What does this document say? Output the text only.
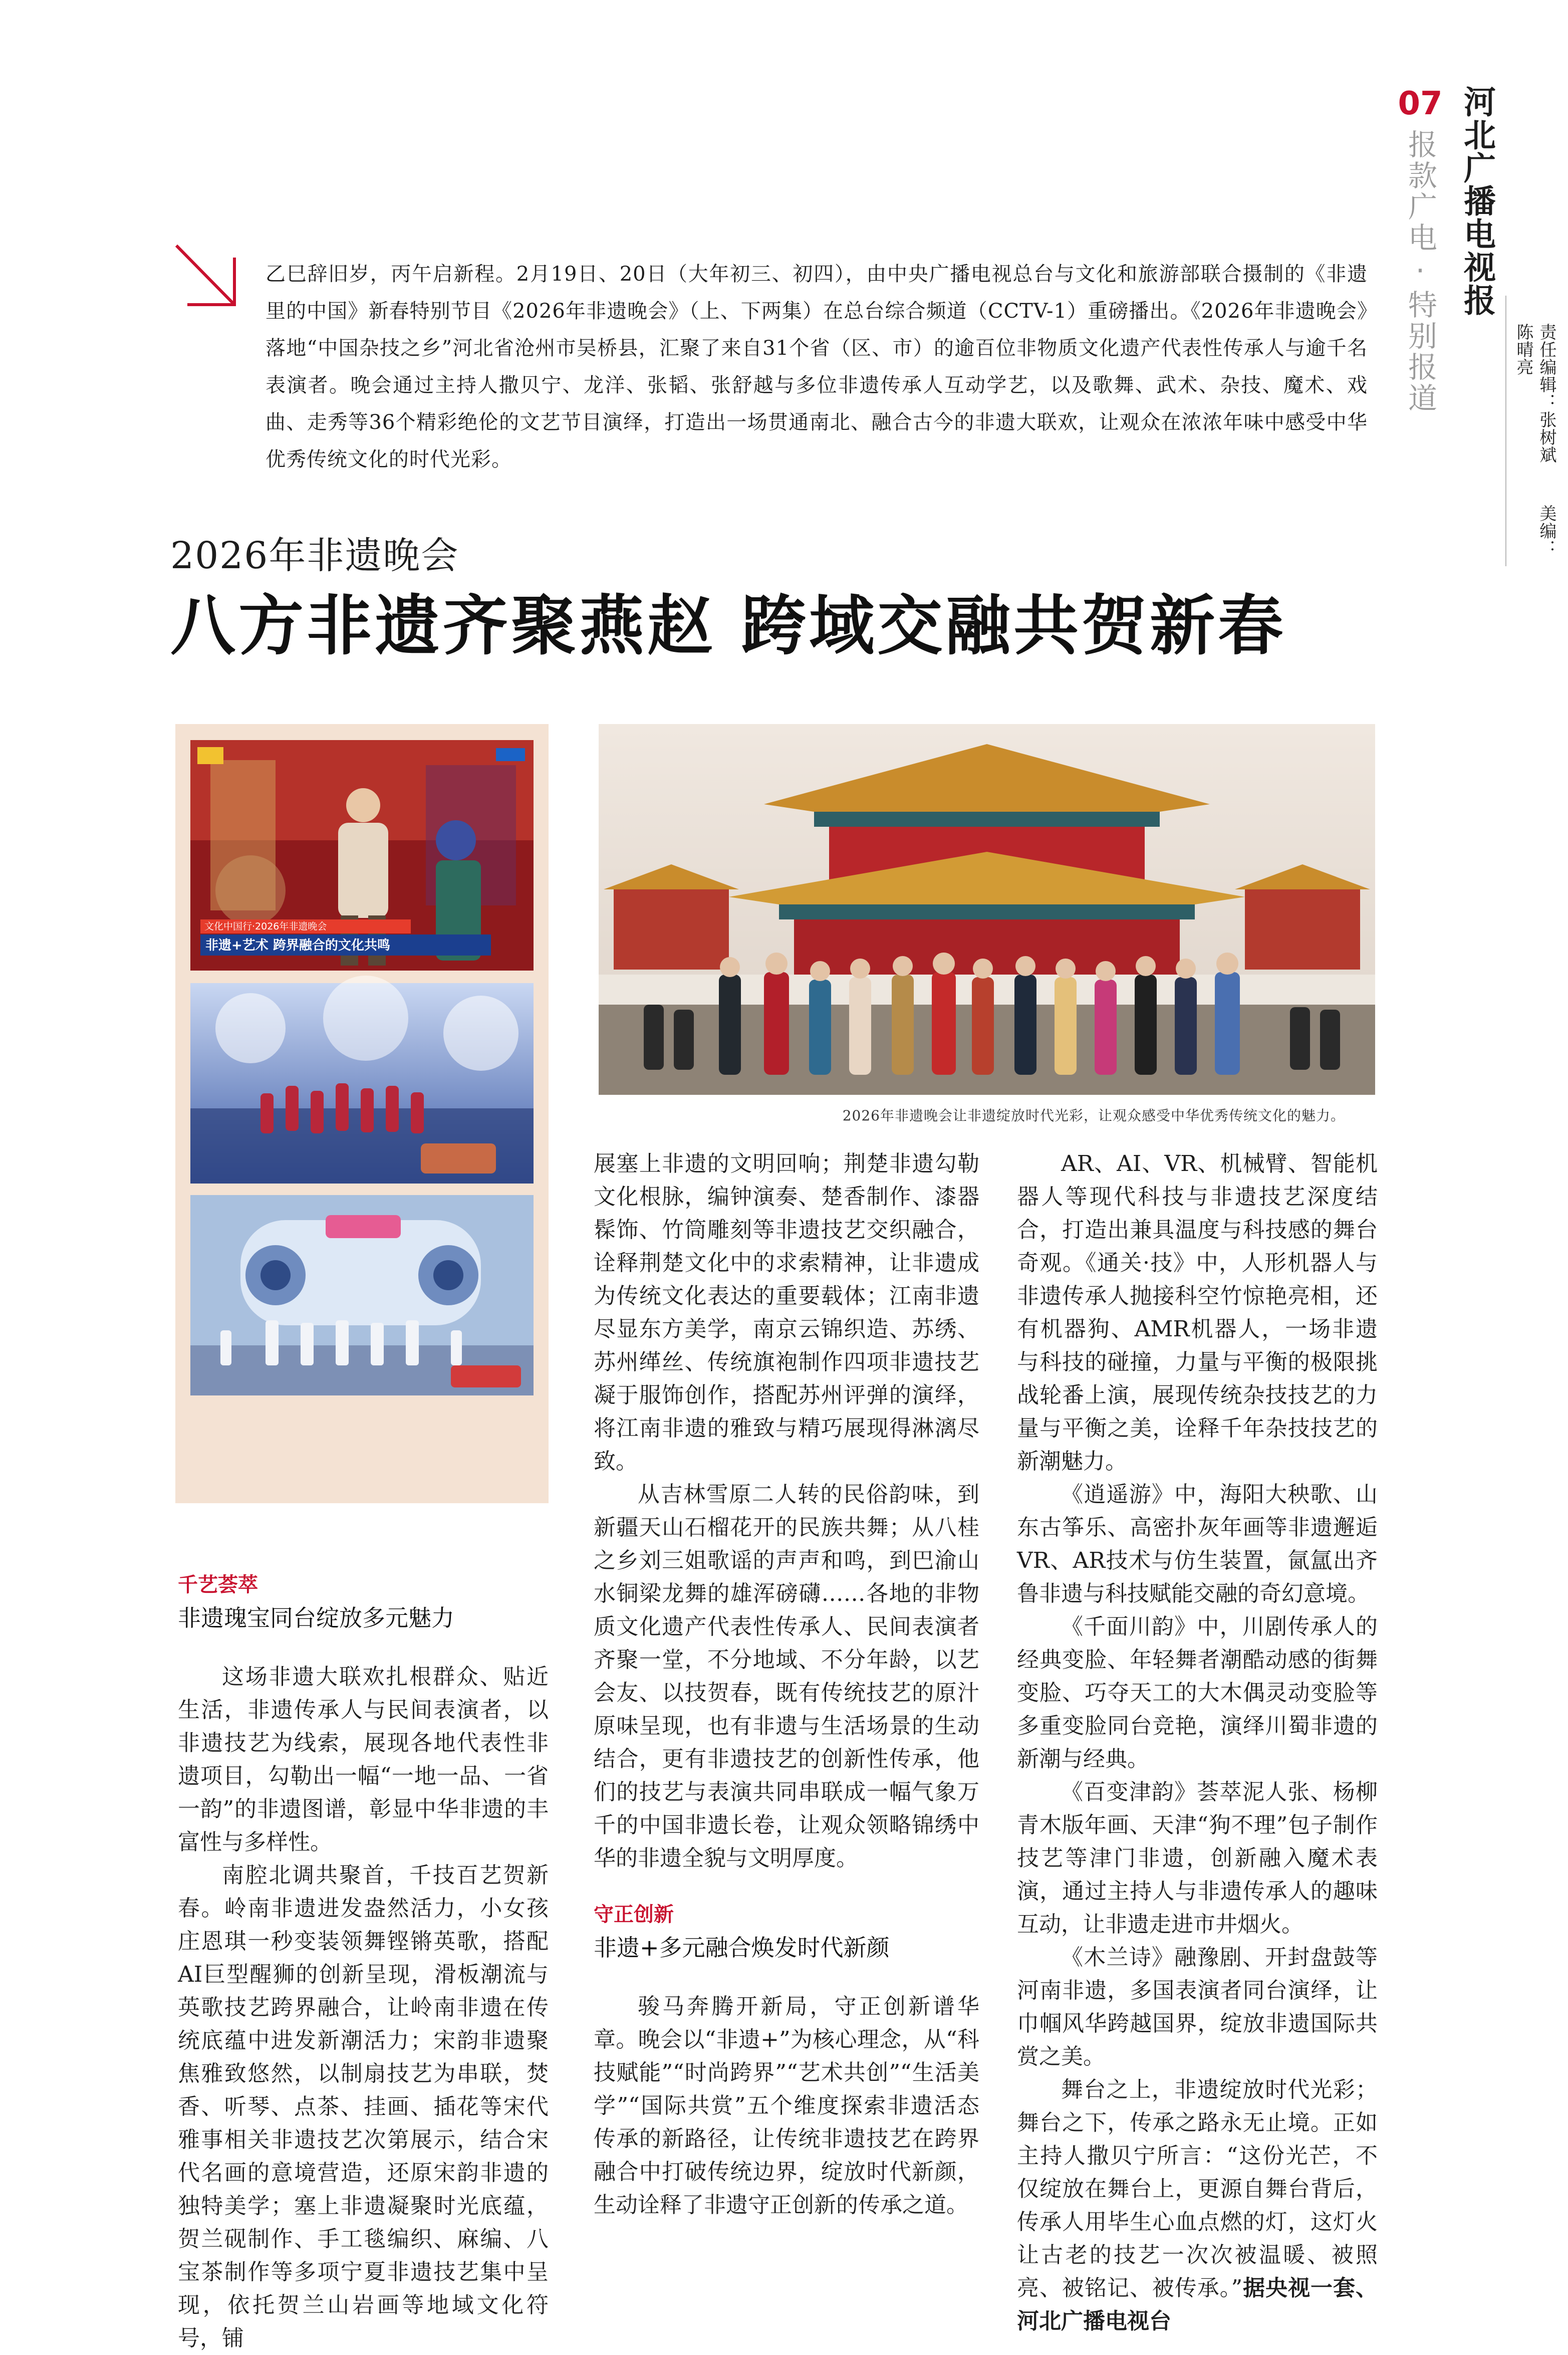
07
报款广电·特别报道 河北广播电视报
责任编辑：张树斌  美编：陈晴亮

乙巳辞旧岁，丙午启新程。2月19日、20日（大年初三、初四），由中央广播电视总台与文化和旅游部联合摄制的《非遗里的中国》新春特别节目《2026年非遗晚会》（上、下两集）在总台综合频道（CCTV-1）重磅播出。《2026年非遗晚会》落地“中国杂技之乡”河北省沧州市吴桥县，汇聚了来自31个省（区、市）的逾百位非物质文化遗产代表性传承人与逾千名表演者。晚会通过主持人撒贝宁、龙洋、张韬、张舒越与多位非遗传承人互动学艺，以及歌舞、武术、杂技、魔术、戏曲、走秀等36个精彩绝伦的文艺节目演绎，打造出一场贯通南北、融合古今的非遗大联欢，让观众在浓浓年味中感受中华优秀传统文化的时代光彩。

2026年非遗晚会
八方非遗齐聚燕赵 跨域交融共贺新春
文化中国行·2026年非遗晚会
非遗+艺术 跨界融合的文化共鸣
2026年非遗晚会让非遗绽放时代光彩，让观众感受中华优秀传统文化的魅力。

千艺荟萃

非遗瑰宝同台绽放多元魅力

这场非遗大联欢扎根群众、贴近生活，非遗传承人与民间表演者，以非遗技艺为线索，展现各地代表性非遗项目，勾勒出一幅“一地一品、一省一韵”的非遗图谱，彰显中华非遗的丰富性与多样性。

南腔北调共聚首，千技百艺贺新春。岭南非遗进发盎然活力，小女孩庄恩琪一秒变装领舞铿锵英歌，搭配AI巨型醒狮的创新呈现，滑板潮流与英歌技艺跨界融合，让岭南非遗在传统底蕴中进发新潮活力；宋韵非遗聚焦雅致悠然，以制扇技艺为串联，焚香、听琴、点茶、挂画、插花等宋代雅事相关非遗技艺次第展示，结合宋代名画的意境营造，还原宋韵非遗的独特美学；塞上非遗凝聚时光底蕴，贺兰砚制作、手工毯编织、麻编、八宝茶制作等多项宁夏非遗技艺集中呈现，依托贺兰山岩画等地域文化符号，铺

展塞上非遗的文明回响；荆楚非遗勾勒文化根脉，编钟演奏、楚香制作、漆器髹饰、竹筒雕刻等非遗技艺交织融合，诠释荆楚文化中的求索精神，让非遗成为传统文化表达的重要载体；江南非遗尽显东方美学，南京云锦织造、苏绣、苏州缂丝、传统旗袍制作四项非遗技艺凝于服饰创作，搭配苏州评弹的演绎，将江南非遗的雅致与精巧展现得淋漓尽致。

从吉林雪原二人转的民俗韵味，到新疆天山石榴花开的民族共舞；从八桂之乡刘三姐歌谣的声声和鸣，到巴渝山水铜梁龙舞的雄浑磅礴……各地的非物质文化遗产代表性传承人、民间表演者齐聚一堂，不分地域、不分年龄，以艺会友、以技贺春，既有传统技艺的原汁原味呈现，也有非遗与生活场景的生动结合，更有非遗技艺的创新性传承，他们的技艺与表演共同串联成一幅气象万千的中国非遗长卷，让观众领略锦绣中华的非遗全貌与文明厚度。

守正创新

非遗+多元融合焕发时代新颜

骏马奔腾开新局，守正创新谱华章。晚会以“非遗+”为核心理念，从“科技赋能”“时尚跨界”“艺术共创”“生活美学”“国际共赏”五个维度探索非遗活态传承的新路径，让传统非遗技艺在跨界融合中打破传统边界，绽放时代新颜，生动诠释了非遗守正创新的传承之道。

AR、AI、VR、机械臂、智能机器人等现代科技与非遗技艺深度结合，打造出兼具温度与科技感的舞台奇观。《通关·技》中，人形机器人与非遗传承人抛接科空竹惊艳亮相，还有机器狗、AMR机器人，一场非遗与科技的碰撞，力量与平衡的极限挑战轮番上演，展现传统杂技技艺的力量与平衡之美，诠释千年杂技技艺的新潮魅力。

《逍遥游》中，海阳大秧歌、山东古筝乐、高密扑灰年画等非遗邂逅VR、AR技术与仿生装置，氤氲出齐鲁非遗与科技赋能交融的奇幻意境。

《千面川韵》中，川剧传承人的经典变脸、年轻舞者潮酷动感的街舞变脸、巧夺天工的大木偶灵动变脸等多重变脸同台竞艳，演绎川蜀非遗的新潮与经典。

《百变津韵》荟萃泥人张、杨柳青木版年画、天津“狗不理”包子制作技艺等津门非遗，创新融入魔术表演，通过主持人与非遗传承人的趣味互动，让非遗走进市井烟火。

《木兰诗》融豫剧、开封盘鼓等河南非遗，多国表演者同台演绎，让巾帼风华跨越国界，绽放非遗国际共赏之美。

舞台之上，非遗绽放时代光彩；舞台之下，传承之路永无止境。正如主持人撒贝宁所言：“这份光芒，不仅绽放在舞台上，更源自舞台背后，传承人用毕生心血点燃的灯，这灯火让古老的技艺一次次被温暖、被照亮、被铭记、被传承。”据央视一套、河北广播电视台
